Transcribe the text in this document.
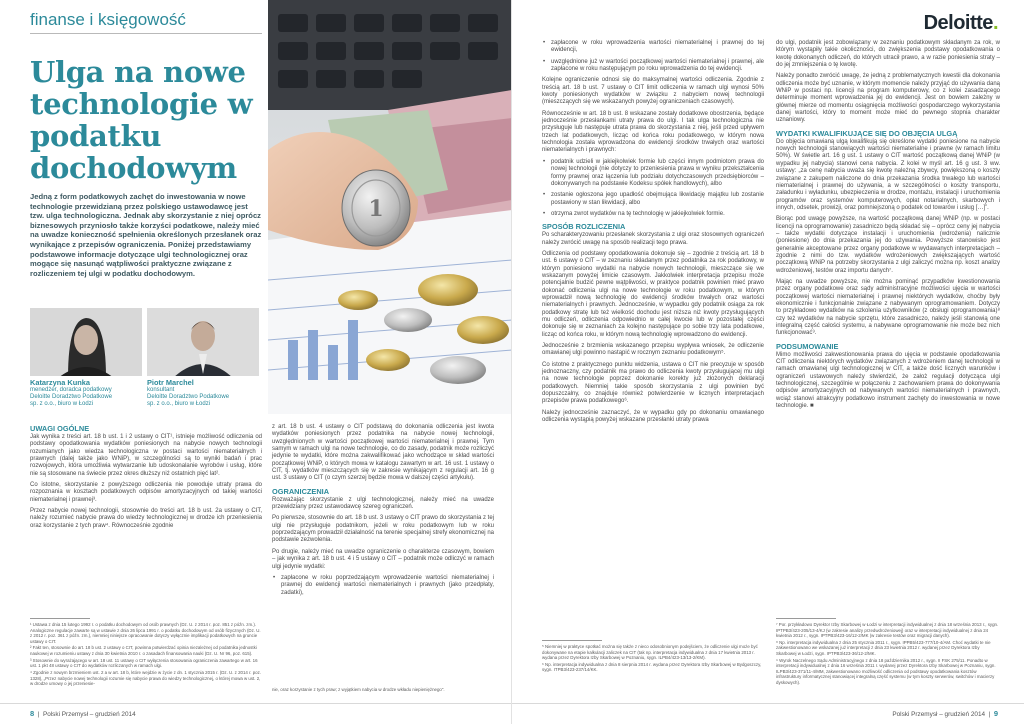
finanse i księgowość
Ulga na nowe technologie w podatku dochodowym

Jedną z form podatkowych zachęt do inwestowania w nowe technologie przewidzianą przez polskiego ustawodawcę jest tzw. ulga technologiczna. Jednak aby skorzystanie z niej oprócz biznesowych przyniosło także korzyści podatkowe, należy mieć na uwadze konieczność spełnienia określonych przesłanek oraz wynikające z przepisów ograniczenia. Poniżej przedstawiamy podstawowe informacje dotyczące ulgi technologicznej oraz mogące się nasunąć wątpliwości praktyczne związane z rozliczeniem tej ulgi w podatku dochodowym.

Katarzyna Kunka
menedżer, doradca podatkowy
Deloitte Doradztwo Podatkowe
sp. z o.o., biuro w Łodzi
Piotr Marchel
konsultant
Deloitte Doradztwo Podatkowe
sp. z o.o., biuro w Łodzi
1
UWAGI OGÓLNE

Jak wynika z treści art. 18 b ust. 1 i 2 ustawy o CIT¹, istnieje możliwość odliczenia od podstawy opodatkowania wydatków poniesionych na nabycie nowych technologii rozumianych jako wiedza technologiczna w postaci wartości niematerialnych i prawnych (dalej także jako WNiP), w szczególności są to wyniki badań i prac rozwojowych, która umożliwia wytwarzanie lub udoskonalanie wyrobów i usług, które nie są stosowane na świecie przez okres dłuższy niż ostatnich pięć lat².

Co istotne, skorzystanie z powyższego odliczenia nie powoduje utraty prawa do rozpoznania w kosztach podatkowych odpisów amortyzacyjnych od takiej wartości niematerialnej i prawnej³.

Przez nabycie nowej technologii, stosownie do treści art. 18 b ust. 2a ustawy o CIT, należy rozumieć nabycie prawa do wiedzy technologicznej w drodze ich przeniesienia oraz korzystanie z tych praw⁴. Równocześnie zgodnie

z art. 18 b ust. 4 ustawy o CIT podstawą do dokonania odliczenia jest kwota wydatków poniesionych przez podatnika na nabycie nowej technologii, uwzględnionych w wartości początkowej wartości niematerialnej i prawnej. Tym samym w ramach ulgi na nowe technologie, co do zasady, podatnik może rozliczyć jedynie te wydatki, które można zakwalifikować jako wchodzące w skład wartości początkowej WNiP, o których mowa w katalogu zawartym w art. 16 ust. 1 ustawy o CIT, tj. wydatków mieszczących się w zakresie wynikającym z regulacji art. 16 g ust. 3 ustawy o CIT (o czym szerzej będzie mowa w dalszej części artykułu).

OGRANICZENIA

Rozważając skorzystanie z ulgi technologicznej, należy mieć na uwadze przewidziany przez ustawodawcę szereg ograniczeń.

Po pierwsze, stosownie do art. 18 b ust. 3 ustawy o CIT prawo do skorzystania z tej ulgi nie przysługuje podatnikom, jeżeli w roku podatkowym lub w roku poprzedzającym prowadził działalność na terenie specjalnej strefy ekonomicznej na podstawie zezwolenia.

Po drugie, należy mieć na uwadze ograniczenie o charakterze czasowym, bowiem – jak wynika z art. 18 b ust. 4 i 5 ustawy o CIT – podatnik może odliczyć w ramach ulgi jedynie wydatki:

• zapłacone w roku poprzedzającym wprowadzenie wartości niematerialnej i prawnej do ewidencji wartości niematerialnych i prawnych (jako przedpłaty, zadatki),

¹ Ustawa z dnia 15 lutego 1992 r. o podatku dochodowym od osób prawnych (Dz. U. z 2014 r. poz. 851 z późn. zm.). Analogiczne regulacje zawarte są w ustawie z dnia 26 lipca 1991 r. o podatku dochodowym od osób fizycznych (Dz. U. z 2012 r. poz. 361 z późn. zm.), niemniej niniejsze opracowanie dotyczy wyłącznie implikacji podatkowych na gruncie ustawy o CIT.

² Fakt ten, stosownie do art. 18 b ust. 2 ustawy o CIT, powinna potwierdzać opinia niezależnej od podatnika jednostki naukowej w rozumieniu ustawy z dnia 30 kwietnia 2010 r. o zasadach finansowania nauki (Dz. U. Nr 96, poz. 615).

³ Stosownie do wyrażającego w art. 18 ust. 11 ustawy o CIT wyłączenia stosowania ograniczenia zawartego w art. 16 ust. 1 pkt 48 ustawy o CIT do wydatków rozliczanych w ramach ulgi.

⁴ Zgodnie z nowym brzmieniem ust. 2 a w art. 18 b, które wejdzie w życie z dn. 1 stycznia 2015 r. (Dz. U. z 2014 r. poz. 1328), „Przez nabycie nowej technologii rozumie się nabycie prawa do wiedzy technologicznej, o której mowa w ust. 2, w drodze umowy o jej przeniesie-

nie, oraz korzystanie z tych praw; z wyjątkiem nabycia w drodze wkładu niepieniężnego".

8  |  Polski Przemysł – grudzień 2014
Deloitte.
• zapłacone w roku wprowadzenia wartości niematerialnej i prawnej do tej ewidencji,
• uwzględnione już w wartości początkowej wartości niematerialnej i prawnej, ale zapłacone w roku następującym po roku wprowadzenia do tej ewidencji.

Kolejne ograniczenie odnosi się do maksymalnej wartości odliczenia. Zgodnie z treścią art. 18 b ust. 7 ustawy o CIT limit odliczenia w ramach ulgi wynosi 50% kwoty poniesionych wydatków w związku z nabyciem nowej technologii (mieszczących się we wskazanych powyżej ograniczeniach czasowych).

Równocześnie w art. 18 b ust. 8 wskazane zostały dodatkowe obostrzenia, będące jednocześnie przesłankami utraty prawa do ulgi. I tak ulga technologiczna nie przysługuje lub następuje utrata prawa do skorzystania z niej, jeśli przed upływem trzech lat podatkowych, licząc od końca roku podatkowego, w którym nowa technologia została wprowadzona do ewidencji środków trwałych oraz wartości niematerialnych i prawnych:

• podatnik udzieli w jakiejkolwiek formie lub części innym podmiotom prawa do nowej technologii (nie dotyczy to przeniesienia prawa w wyniku przekształcenia formy prawnej oraz łączenia lub podziału dotychczasowych przedsiębiorców – dokonywanych na podstawie Kodeksu spółek handlowych), albo
• zostanie ogłoszona jego upadłość obejmująca likwidację majątku lub zostanie postawiony w stan likwidacji, albo
• otrzyma zwrot wydatków na tę technologię w jakiejkolwiek formie.
SPOSÓB ROZLICZENIA

Po scharakteryzowaniu przesłanek skorzystania z ulgi oraz stosownych ograniczeń należy zwrócić uwagę na sposób realizacji tego prawa.

Odliczenia od podstawy opodatkowania dokonuje się – zgodnie z treścią art. 18 b ust. 6 ustawy o CIT – w zeznaniu składanym przez podatnika za rok podatkowy, w którym poniesiono wydatki na nabycie nowych technologii, mieszczące się we wskazanym powyżej limicie czasowym. Jakkolwiek interpretacja przepisu może potencjalnie budzić pewne wątpliwości, w praktyce podatnik powinien mieć prawo dokonać odliczenia ulgi na nowe technologie w roku podatkowym, w którym wprowadził nową technologię do ewidencji środków trwałych oraz wartości niematerialnych i prawnych. Jednocześnie, w wypadku gdy podatnik osiąga za rok podatkowy stratę lub też wielkość dochodu jest niższa niż kwoty przysługujących mu odliczeń, odliczenia odpowiednio w całej kwocie lub w pozostałej części dokonuje się w zeznaniach za kolejno następujące po sobie trzy lata podatkowe, licząc od końca roku, w którym nową technologię wprowadzono do ewidencji.

Jednocześnie z brzmienia wskazanego przepisu wypływa wniosek, że odliczenie omawianej ulgi powinno nastąpić w rocznym zeznaniu podatkowym⁵.

Co istotne z praktycznego punktu widzenia, ustawa o CIT nie precyzuje w sposób jednoznaczny, czy podatnik ma prawo do odliczenia kwoty przysługującej mu ulgi na nowe technologie poprzez dokonanie korekty już złożonych deklaracji podatkowych. Niemniej takie sposób skorzystania z ulgi powinien być dopuszczalny, co znajduje również potwierdzenie w licznych interpretacjach przepisów prawa podatkowego⁶.

Należy jednocześnie zaznaczyć, że w wypadku gdy po dokonaniu omawianego odliczenia wystąpią powyżej wskazane przesłanki utraty prawa

do ulgi, podatnik jest zobowiązany w zeznaniu podatkowym składanym za rok, w którym wystąpiły takie okoliczności, do zwiększenia podstawy opodatkowania o kwotę dokonanych odliczeń, do których utracił prawo, a w razie poniesienia straty – do jej zmniejszenia o tę kwotę.

Należy ponadto zwrócić uwagę, że jedną z problematycznych kwestii dla dokonania odliczenia może być uznanie, w którym momencie należy przyjąć do używania daną WNiP w postaci np. licencji na program komputerowy, co z kolei zasadzącego determinuje moment wprowadzenia jej do ewidencji. Jest on bowiem zależny w głównej mierze od momentu osiągnięcia możliwości gospodarczego wykorzystania danej wartości, który to moment może mieć do pewnego stopnia charakter uznaniowy.

WYDATKI KWALIFIKUJĄCE SIĘ DO OBJĘCIA ULGĄ

Do objęcia omawianą ulgą kwalifikują się określone wydatki poniesione na nabycie nowych technologii stanowiących wartości niematerialne i prawne (w ramach limitu 50%). W świetle art. 16 g ust. 1 ustawy o CIT wartość początkową danej WNiP (w wypadku jej nabycia) stanowi cena nabycia. Z kolei w myśl art. 16 g ust. 3 ww. ustawy: „za cenę nabycia uważa się kwotę należną zbywcy, powiększoną o koszty związane z zakupem naliczone do dnia przekazania środka trwałego lub wartości niematerialnej i prawnej do używania, a w szczególności o koszty transportu, załadunku i wyładunku, ubezpieczenia w drodze, montażu, instalacji i uruchomienia programów oraz systemów komputerowych, opłat notarialnych, skarbowych i innych, odsetek, prowizji, oraz pomniejszoną o podatek od towarów i usług […]”.

Biorąc pod uwagę powyższe, na wartość początkową danej WNiP (np. w postaci licencji na oprogramowanie) zasadniczo będą składać się – oprócz ceny jej nabycia – także wydatki dotyczące instalacji i uruchomienia (wdrożenia) nalicznie (poniesione) do dnia przekazania jej do używania. Powyższe stanowisko jest generalnie akceptowane przez organy podatkowe w wydawanych interpretacjach – zgodnie z nimi do tzw. wydatków wdrożeniowych zwiększających wartość początkową WNiP na potrzeby skorzystania z ulgi zaliczyć można np. koszt analizy wdrożeniowej, testów oraz importu danych⁷.

Mając na uwadze powyższe, nie można pominąć przypadków kwestionowania przez organy podatkowe oraz sądy administracyjne możliwości ujęcia w wartości początkowej wartości niematerialnej i prawnej niektórych wydatków, choćby były ekonomicznie i funkcjonalnie związane z nabywanym oprogramowaniem. Dotyczy to przykładowo wydatków na szkolenia użytkowników (z obsługi oprogramowania)⁸ czy też wydatków na nabycie sprzętu, które zasadniczo, należy jeśli stanowią one integralną część całości systemu, a nabywane oprogramowanie nie może bez nich funkcjonować⁹.

PODSUMOWANIE

Mimo możliwości zakwestionowania prawa do ujęcia w podstawie opodatkowania CIT odliczenia niektórych wydatków związanych z wdrożeniem danej technologii w ramach omawianej ulgi technologicznej w CIT, a także dość licznych warunków i ograniczeń ustawowych należy stwierdzić, że założ regulacji dotycząca ulgi technologicznej, szczególnie w połączeniu z zachowaniem prawa do dokonywania odpisów amortyzacyjnych od nabywanych wartości niematerialnych i prawnych, wciąż stanowi atrakcyjny podatkowo instrument zachęty do inwestowania w nowe technologie. ■

⁵ Niemniej w praktyce spotkać można się także z nieco odosobnionym podejściem, że odliczenie ulgi może być dokonywane na etapie kalkulacji zaliczek na CIT (tak np. interpretacja indywidualna z dnia 17 kwietnia 2013 r. wydana przez Dyrektora Izby Skarbowej w Poznaniu, sygn. ILPB4/423-13/13-2/KM).

⁶ Np. interpretacja indywidualna z dnia 8 sierpnia 2014 r. wydana przez Dyrektora Izby Skarbowej w Bydgoszczy, sygn. ITPB3/423-237/14/KK.

⁷ Por. przykładowo Dyrektor Izby Skarbowej w Łodzi w interpretacji indywidualnej z dnia 18 września 2013 r., sygn. IPTPB3/423-205/13-4/KJ (w zakresie analizy przedwdrożeniowej) oraz w interpretacji indywidualnej z dnia 24 kwietnia 2012 r., sygn. IPTPB3/423-16/12-2/MK (w zakresie testów oraz migracji danych).

⁸ Np. interpretacja indywidualna z dnia 25 stycznia 2011 r., sygn. IPPB5/423-777/10-4/AM. Choć wydatki te nie zakwestionowano we wskazanej już interpretacji z dnia 23 kwietnia 2012 r. wydanej przez Dyrektora Izby Skarbowej w Łodzi, sygn. IPTPB3/423-36/12-2/MK.

⁹ Wyrok Naczelnego Sądu Administracyjnego z dnia 18 października 2012 r., sygn. II FSK 275/11. Ponadto w interpretacji indywidualnej z dnia 16 września 2011 r. wydanej przez Dyrektora Izby Skarbowej w Poznaniu, sygn. ILPB3/423-371/11-4/MM, zakwestionowano możliwość odliczenia od podstawy opodatkowania kosztów infrastruktury informatycznej stanowiącej integralną część systemu (w tym koszty serwerów, switchów i macierzy dyskowych).

Polski Przemysł – grudzień 2014  |  9
